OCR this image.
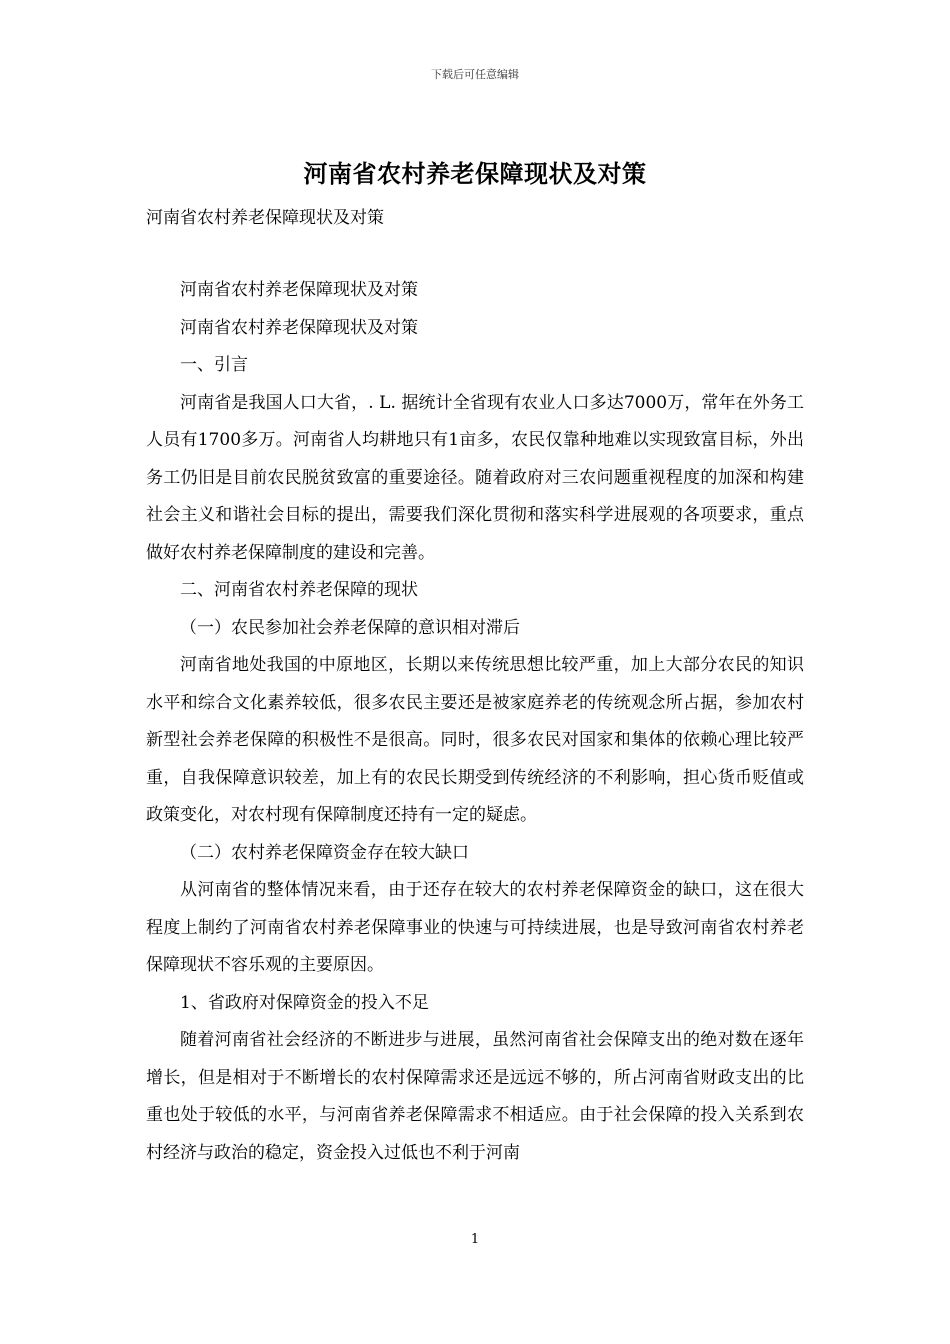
下载后可任意编辑
河南省农村养老保障现状及对策
河南省农村养老保障现状及对策

河南省农村养老保障现状及对策

河南省农村养老保障现状及对策

一、引言

河南省是我国人口大省，. L. 据统计全省现有农业人口多达7000万，常年在外务工人员有1700多万。河南省人均耕地只有1亩多，农民仅靠种地难以实现致富目标，外出务工仍旧是目前农民脱贫致富的重要途径。随着政府对三农问题重视程度的加深和构建社会主义和谐社会目标的提出，需要我们深化贯彻和落实科学进展观的各项要求，重点做好农村养老保障制度的建设和完善。

二、河南省农村养老保障的现状

（一）农民参加社会养老保障的意识相对滞后

河南省地处我国的中原地区，长期以来传统思想比较严重，加上大部分农民的知识水平和综合文化素养较低，很多农民主要还是被家庭养老的传统观念所占据，参加农村新型社会养老保障的积极性不是很高。同时，很多农民对国家和集体的依赖心理比较严重，自我保障意识较差，加上有的农民长期受到传统经济的不利影响，担心货币贬值或政策变化，对农村现有保障制度还持有一定的疑虑。

（二）农村养老保障资金存在较大缺口

从河南省的整体情况来看，由于还存在较大的农村养老保障资金的缺口，这在很大程度上制约了河南省农村养老保障事业的快速与可持续进展，也是导致河南省农村养老保障现状不容乐观的主要原因。

1、省政府对保障资金的投入不足

随着河南省社会经济的不断进步与进展，虽然河南省社会保障支出的绝对数在逐年增长，但是相对于不断增长的农村保障需求还是远远不够的，所占河南省财政支出的比重也处于较低的水平，与河南省养老保障需求不相适应。由于社会保障的投入关系到农村经济与政治的稳定，资金投入过低也不利于河南

1
